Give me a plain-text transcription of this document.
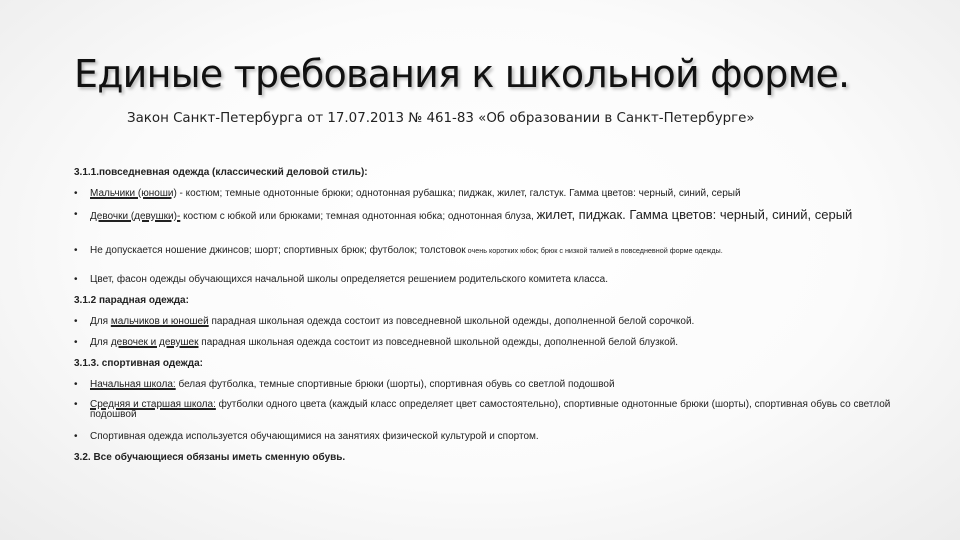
Единые требования к школьной форме.

Закон Санкт-Петербурга от 17.07.2013 № 461-83 «Об образовании в Санкт-Петербурге»

3.1.1.повседневная одежда (классический деловой стиль):
• Мальчики (юноши) - костюм; темные однотонные брюки; однотонная рубашка; пиджак, жилет, галстук. Гамма цветов: черный, синий, серый
• Девочки (девушки)- костюм с юбкой или брюками; темная однотонная юбка; однотонная блуза, жилет, пиджак. Гамма цветов: черный, синий, серый
• Не допускается ношение джинсов; шорт; спортивных брюк; футболок; толстовок очень коротких юбок; брюк с низкой талией в повседневной форме одежды.
• Цвет, фасон одежды обучающихся начальной школы определяется решением родительского комитета класса.
3.1.2 парадная одежда:
• Для мальчиков и юношей парадная школьная одежда состоит из повседневной школьной одежды, дополненной белой сорочкой.
• Для девочек и девушек парадная школьная одежда состоит из повседневной школьной одежды, дополненной белой блузкой.
3.1.3. спортивная одежда:
• Начальная школа: белая футболка, темные спортивные брюки (шорты), спортивная обувь со светлой подошвой
• Средняя и старшая школа: футболки одного цвета (каждый класс определяет цвет самостоятельно), спортивные однотонные брюки (шорты), спортивная обувь со светлой подошвой
• Спортивная одежда используется обучающимися на занятиях физической культурой и спортом.
3.2. Все обучающиеся обязаны иметь сменную обувь.
